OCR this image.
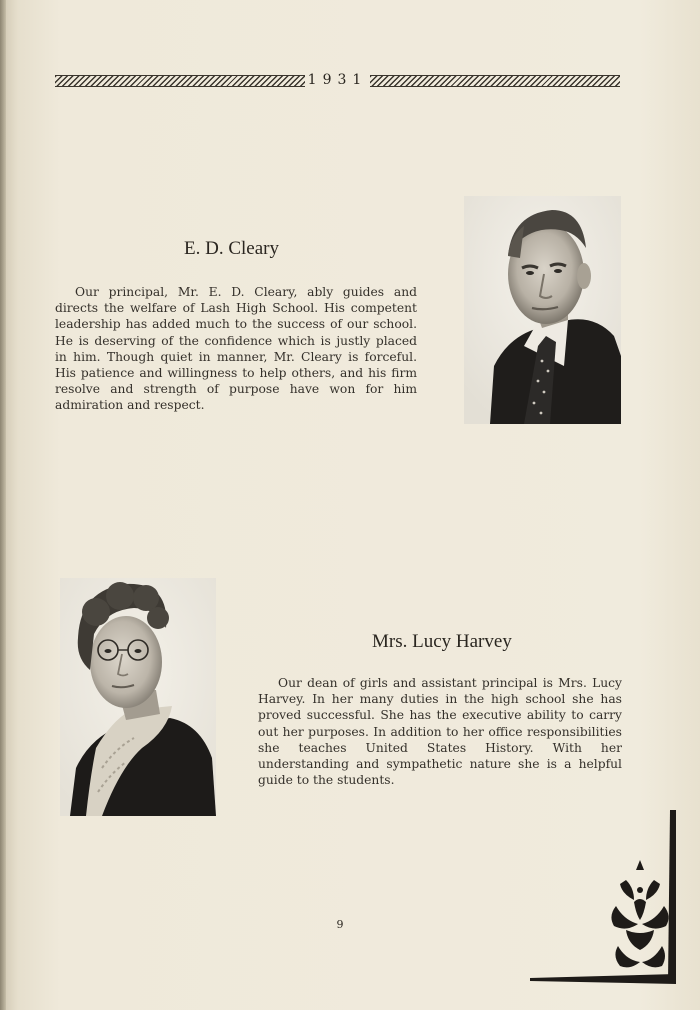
1931
E. D. Cleary

Our principal, Mr. E. D. Cleary, ably guides and directs the welfare of Lash High School. His competent leadership has added much to the success of our school. He is deserving of the confidence which is justly placed in him. Though quiet in manner, Mr. Cleary is forceful. His patience and willingness to help others, and his firm resolve and strength of purpose have won for him admiration and respect.

Mrs. Lucy Harvey

Our dean of girls and assistant principal is Mrs. Lucy Harvey. In her many duties in the high school she has proved successful. She has the executive ability to carry out her purposes. In addition to her office responsibilities she teaches United States History. With her understanding and sympathetic nature she is a helpful guide to the students.

9
